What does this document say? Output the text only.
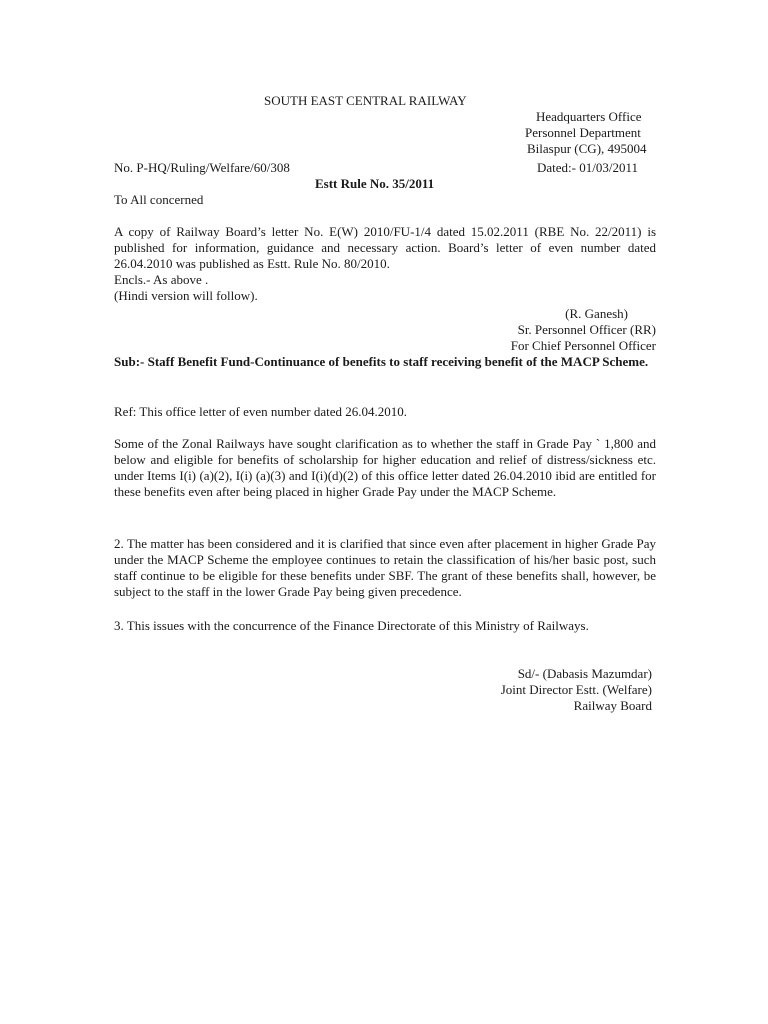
SOUTH EAST CENTRAL RAILWAY
Headquarters Office
Personnel Department
Bilaspur (CG), 495004
No. P-HQ/Ruling/Welfare/60/308	Dated:- 01/03/2011
Estt Rule No. 35/2011
To All concerned

A copy of Railway Board’s letter No. E(W) 2010/FU-1/4 dated 15.02.2011 (RBE No. 22/2011) is published for information, guidance and necessary action. Board’s letter of even number dated 26.04.2010 was published as Estt. Rule No. 80/2010.

Encls.- As above .

(Hindi version will follow).

(R. Ganesh)
Sr. Personnel Officer (RR)
For Chief Personnel Officer
Sub:- Staff Benefit Fund-Continuance of benefits to staff receiving benefit of the MACP Scheme.
Ref: This office letter of even number dated 26.04.2010.
Some of the Zonal Railways have sought clarification as to whether the staff in Grade Pay ` 1,800 and below and eligible for benefits of scholarship for higher education and relief of distress/sickness etc. under Items I(i) (a)(2), I(i) (a)(3) and I(i)(d)(2) of this office letter dated 26.04.2010 ibid are entitled for these benefits even after being placed in higher Grade Pay under the MACP Scheme.
2. The matter has been considered and it is clarified that since even after placement in higher Grade Pay under the MACP Scheme the employee continues to retain the classification of his/her basic post, such staff continue to be eligible for these benefits under SBF. The grant of these benefits shall, however, be subject to the staff in the lower Grade Pay being given precedence.
3. This issues with the concurrence of the Finance Directorate of this Ministry of Railways.
Sd/- (Dabasis Mazumdar)
Joint Director Estt. (Welfare)
Railway Board
